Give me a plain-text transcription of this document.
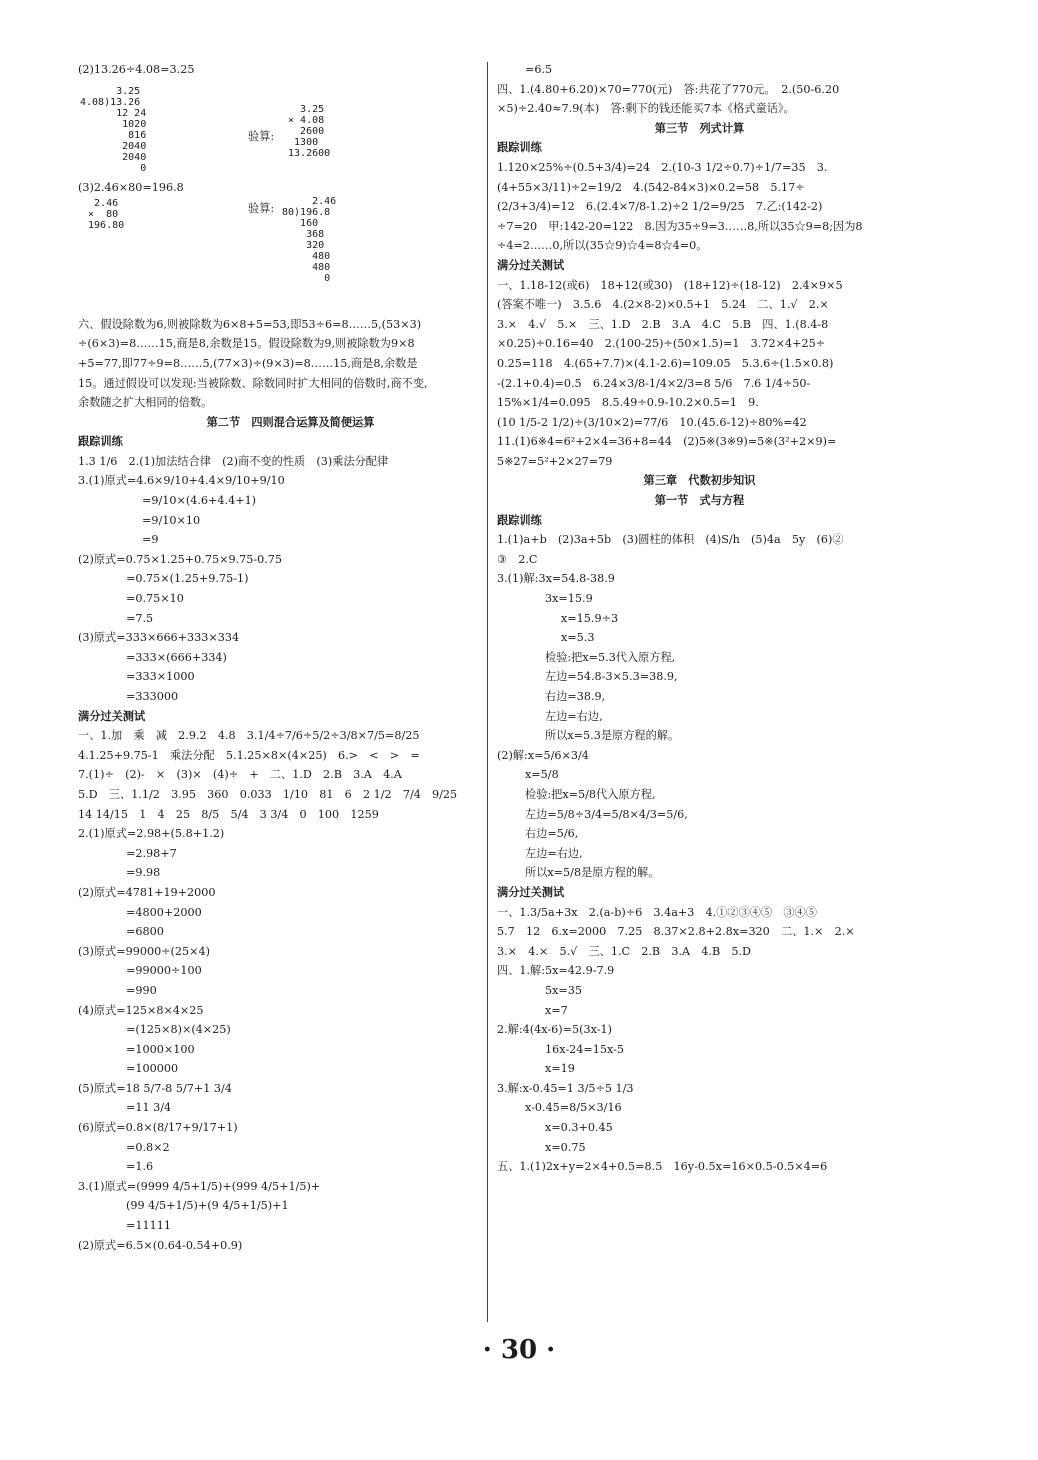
(2)13.26÷4.08=3.25

(3)2.46×80=196.8

六、假设除数为6,则被除数为6×8+5=53,即53÷6=8……5,(53×3)
÷(6×3)=8……15,商是8,余数是15。假设除数为9,则被除数为9×8
+5=77,即77÷9=8……5,(77×3)÷(9×3)=8……15,商是8,余数是
15。通过假设可以发现:当被除数、除数同时扩大相同的倍数时,商不变,
余数随之扩大相同的倍数。
第二节　四则混合运算及简便运算
跟踪训练
1.3 1/6　2.(1)加法结合律　(2)商不变的性质　(3)乘法分配律
3.(1)原式=4.6×9/10+4.4×9/10+9/10
=9/10×(4.6+4.4+1)
=9/10×10
=9
(2)原式=0.75×1.25+0.75×9.75-0.75
=0.75×(1.25+9.75-1)
=0.75×10
=7.5
(3)原式=333×666+333×334
=333×(666+334)
=333×1000
=333000
满分过关测试
一、1.加　乘　减　2.9.2　4.8　3.1/4÷7/6÷5/2÷3/8×7/5=8/25
4.1.25+9.75-1　乘法分配　5.1.25×8×(4×25)　6.>　<　>　=
7.(1)÷　(2)-　×　(3)×　(4)÷　+　二、1.D　2.B　3.A　4.A
5.D　三、1.1/2　3.95　360　0.033　1/10　81　6　2 1/2　7/4　9/25
14 14/15　1　4　25　8/5　5/4　3 3/4　0　100　1259
2.(1)原式=2.98+(5.8+1.2)
=2.98+7
=9.98
(2)原式=4781+19+2000
=4800+2000
=6800
(3)原式=99000÷(25×4)
=99000÷100
=990
(4)原式=125×8×4×25
=(125×8)×(4×25)
=1000×100
=100000
(5)原式=18 5/7-8 5/7+1 3/4
=11 3/4
(6)原式=0.8×(8/17+9/17+1)
=0.8×2
=1.6
3.(1)原式=(9999 4/5+1/5)+(999 4/5+1/5)+
(99 4/5+1/5)+(9 4/5+1/5)+1
=11111
(2)原式=6.5×(0.64-0.54+0.9)
3.25
4.08)13.26
12 24
1020
816
2040
2040
0
验算:
3.25
× 4.08
2600
1300
13.2600
2.46
×  80
196.80
验算:
2.46
80)196.8
160
368
320
480
480
0
=6.5
四、1.(4.80+6.20)×70=770(元)　答:共花了770元。　2.(50-6.20
×5)÷2.40≈7.9(本)　答:剩下的钱还能买7本《格式童话》。
第三节　列式计算
跟踪训练
1.120×25%÷(0.5+3/4)=24　2.(10-3 1/2÷0.7)÷1/7=35　3.
(4+55×3/11)÷2=19/2　4.(542-84×3)×0.2=58　5.17÷
(2/3+3/4)=12　6.(2.4×7/8-1.2)÷2 1/2=9/25　7.乙:(142-2)
÷7=20　甲:142-20=122　8.因为35÷9=3……8,所以35☆9=8;因为8
÷4=2……0,所以(35☆9)☆4=8☆4=0。
满分过关测试
一、1.18-12(或6)　18+12(或30)　(18+12)÷(18-12)　2.4×9×5
(答案不唯一)　3.5.6　4.(2×8-2)×0.5+1　5.24　二、1.√　2.×
3.×　4.√　5.×　三、1.D　2.B　3.A　4.C　5.B　四、1.(8.4-8
×0.25)÷0.16=40　2.(100-25)÷(50×1.5)=1　3.72×4+25÷
0.25=118　4.(65+7.7)×(4.1-2.6)=109.05　5.3.6÷(1.5×0.8)
-(2.1+0.4)=0.5　6.24×3/8-1/4×2/3=8 5/6　7.6 1/4÷50-
15%×1/4=0.095　8.5.49÷0.9-10.2×0.5=1　9.
(10 1/5-2 1/2)÷(3/10×2)=77/6　10.(45.6-12)÷80%=42
11.(1)6※4=6²+2×4=36+8=44　(2)5※(3※9)=5※(3²+2×9)=
5※27=5²+2×27=79
第三章　代数初步知识
第一节　式与方程
跟踪训练
1.(1)a+b　(2)3a+5b　(3)圆柱的体积　(4)S/h　(5)4a　5y　(6)②
③　2.C
3.(1)解:3x=54.8-38.9
3x=15.9
x=15.9÷3
x=5.3
检验:把x=5.3代入原方程,
左边=54.8-3×5.3=38.9,
右边=38.9,
左边=右边,
所以x=5.3是原方程的解。
(2)解:x=5/6×3/4
x=5/8
检验:把x=5/8代入原方程,
左边=5/8÷3/4=5/8×4/3=5/6,
右边=5/6,
左边=右边,
所以x=5/8是原方程的解。
满分过关测试
一、1.3/5a+3x　2.(a-b)÷6　3.4a+3　4.①②③④⑤　③④⑤
5.7　12　6.x=2000　7.25　8.37×2.8+2.8x=320　二、1.×　2.×
3.×　4.×　5.√　三、1.C　2.B　3.A　4.B　5.D
四、1.解:5x=42.9-7.9
5x=35
x=7
2.解:4(4x-6)=5(3x-1)
16x-24=15x-5
x=19
3.解:x-0.45=1 3/5÷5 1/3
x-0.45=8/5×3/16
x=0.3+0.45
x=0.75
五、1.(1)2x+y=2×4+0.5=8.5　16y-0.5x=16×0.5-0.5×4=6
· 30 ·
